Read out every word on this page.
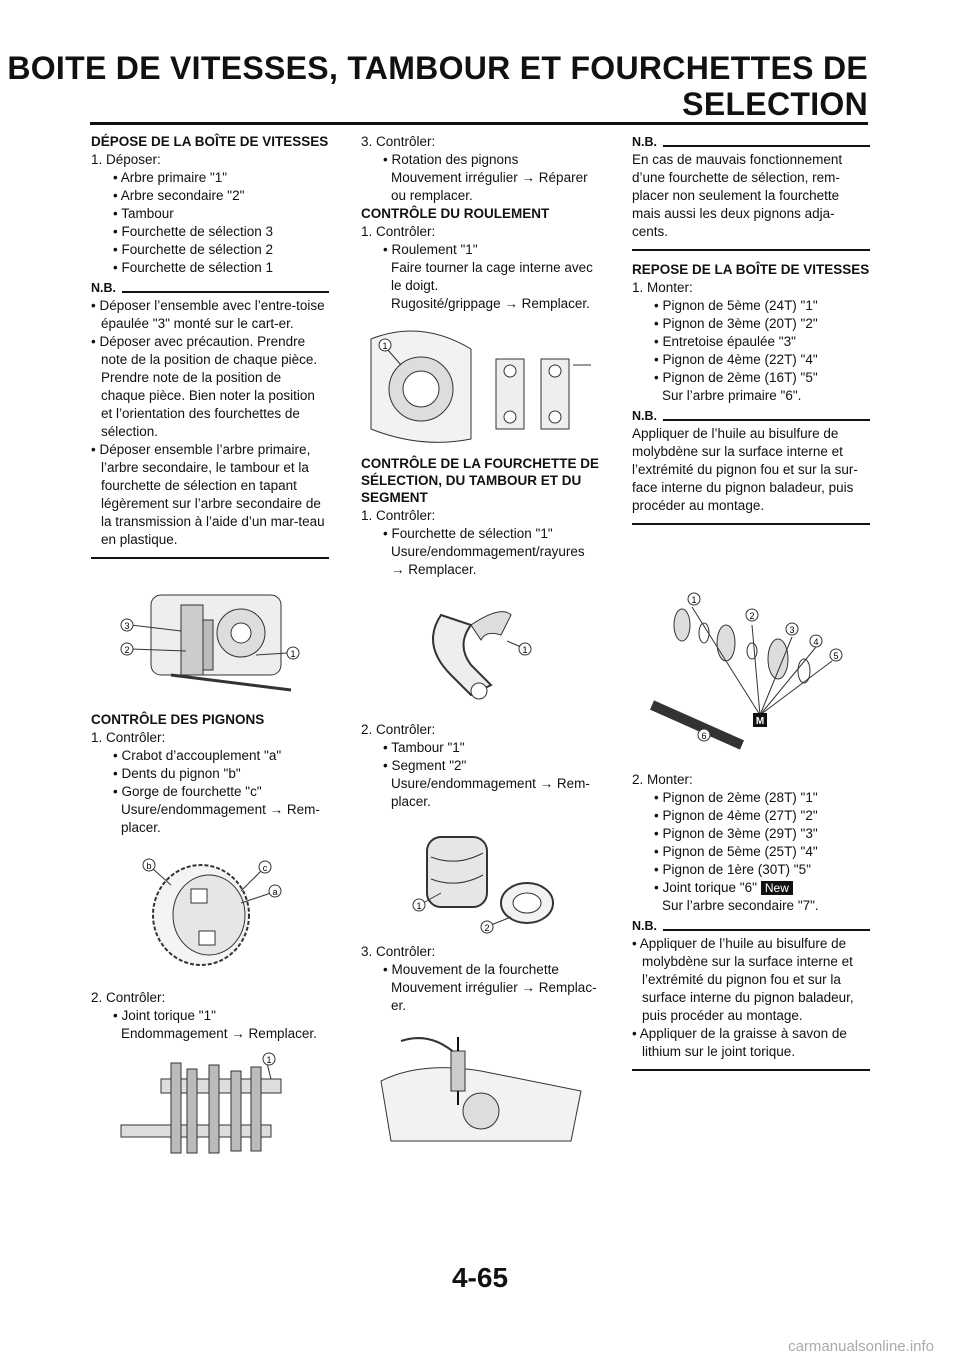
BOITE DE VITESSES, TAMBOUR ET FOURCHETTES DE
SELECTION
DÉPOSE DE LA BOÎTE DE VITESSES
1. Déposer:
• Arbre primaire "1"
• Arbre secondaire "2"
• Tambour
• Fourchette de sélection 3
• Fourchette de sélection 2
• Fourchette de sélection 1
N.B.
• Déposer l’ensemble avec l’entre-toise épaulée "3" monté sur le cart-er.
• Déposer avec précaution. Prendre note de la position de chaque pièce. Prendre note de la position de chaque pièce. Bien noter la position et l’orientation des fourchettes de sélection.
• Déposer ensemble l’arbre primaire, l’arbre secondaire, le tambour et la fourchette de sélection en tapant légèrement sur l’arbre secondaire de la transmission à l’aide d’un mar-teau en plastique.
3
2	1
CONTRÔLE DES PIGNONS
1. Contrôler:
• Crabot d’accouplement "a"
• Dents du pignon "b"
• Gorge de fourchette "c"
Usure/endommagement → Rem-placer.
b	c
a
2. Contrôler:
• Joint torique "1"
Endommagement → Remplacer.
1
3. Contrôler:
• Rotation des pignons
Mouvement irrégulier → Réparer ou remplacer.
CONTRÔLE DU ROULEMENT
1. Contrôler:
• Roulement "1"
Faire tourner la cage interne avec le doigt.
Rugosité/grippage → Remplacer.
1
CONTRÔLE DE LA FOURCHETTE DE SÉLECTION, DU TAMBOUR ET DU SEGMENT
1. Contrôler:
• Fourchette de sélection "1"
Usure/endommagement/rayures → Remplacer.
1
2. Contrôler:
• Tambour "1"
• Segment "2"
Usure/endommagement → Rem-placer.
1
2
3. Contrôler:
• Mouvement de la fourchette
Mouvement irrégulier → Remplac-er.
N.B.
En cas de mauvais fonctionnement d’une fourchette de sélection, rem-placer non seulement la fourchette mais aussi les deux pignons adja-cents.
REPOSE DE LA BOÎTE DE VITESSES
1. Monter:
• Pignon de 5ème (24T) "1"
• Pignon de 3ème (20T) "2"
• Entretoise épaulée "3"
• Pignon de 4ème (22T) "4"
• Pignon de 2ème (16T) "5"
Sur l’arbre primaire "6".
N.B.
Appliquer de l’huile au bisulfure de molybdène sur la surface interne et l’extrémité du pignon fou et sur la sur-face interne du pignon baladeur, puis procéder au montage.
M
1
2
3
4
5
6
2. Monter:
• Pignon de 2ème (28T) "1"
• Pignon de 4ème (27T) "2"
• Pignon de 3ème (29T) "3"
• Pignon de 5ème (25T) "4"
• Pignon de 1ère (30T) "5"
• Joint torique "6" New
Sur l’arbre secondaire "7".
N.B.
• Appliquer de l’huile au bisulfure de molybdène sur la surface interne et l’extrémité du pignon fou et sur la surface interne du pignon baladeur, puis procéder au montage.
• Appliquer de la graisse à savon de lithium sur le joint torique.
4-65
carmanualsonline.info
